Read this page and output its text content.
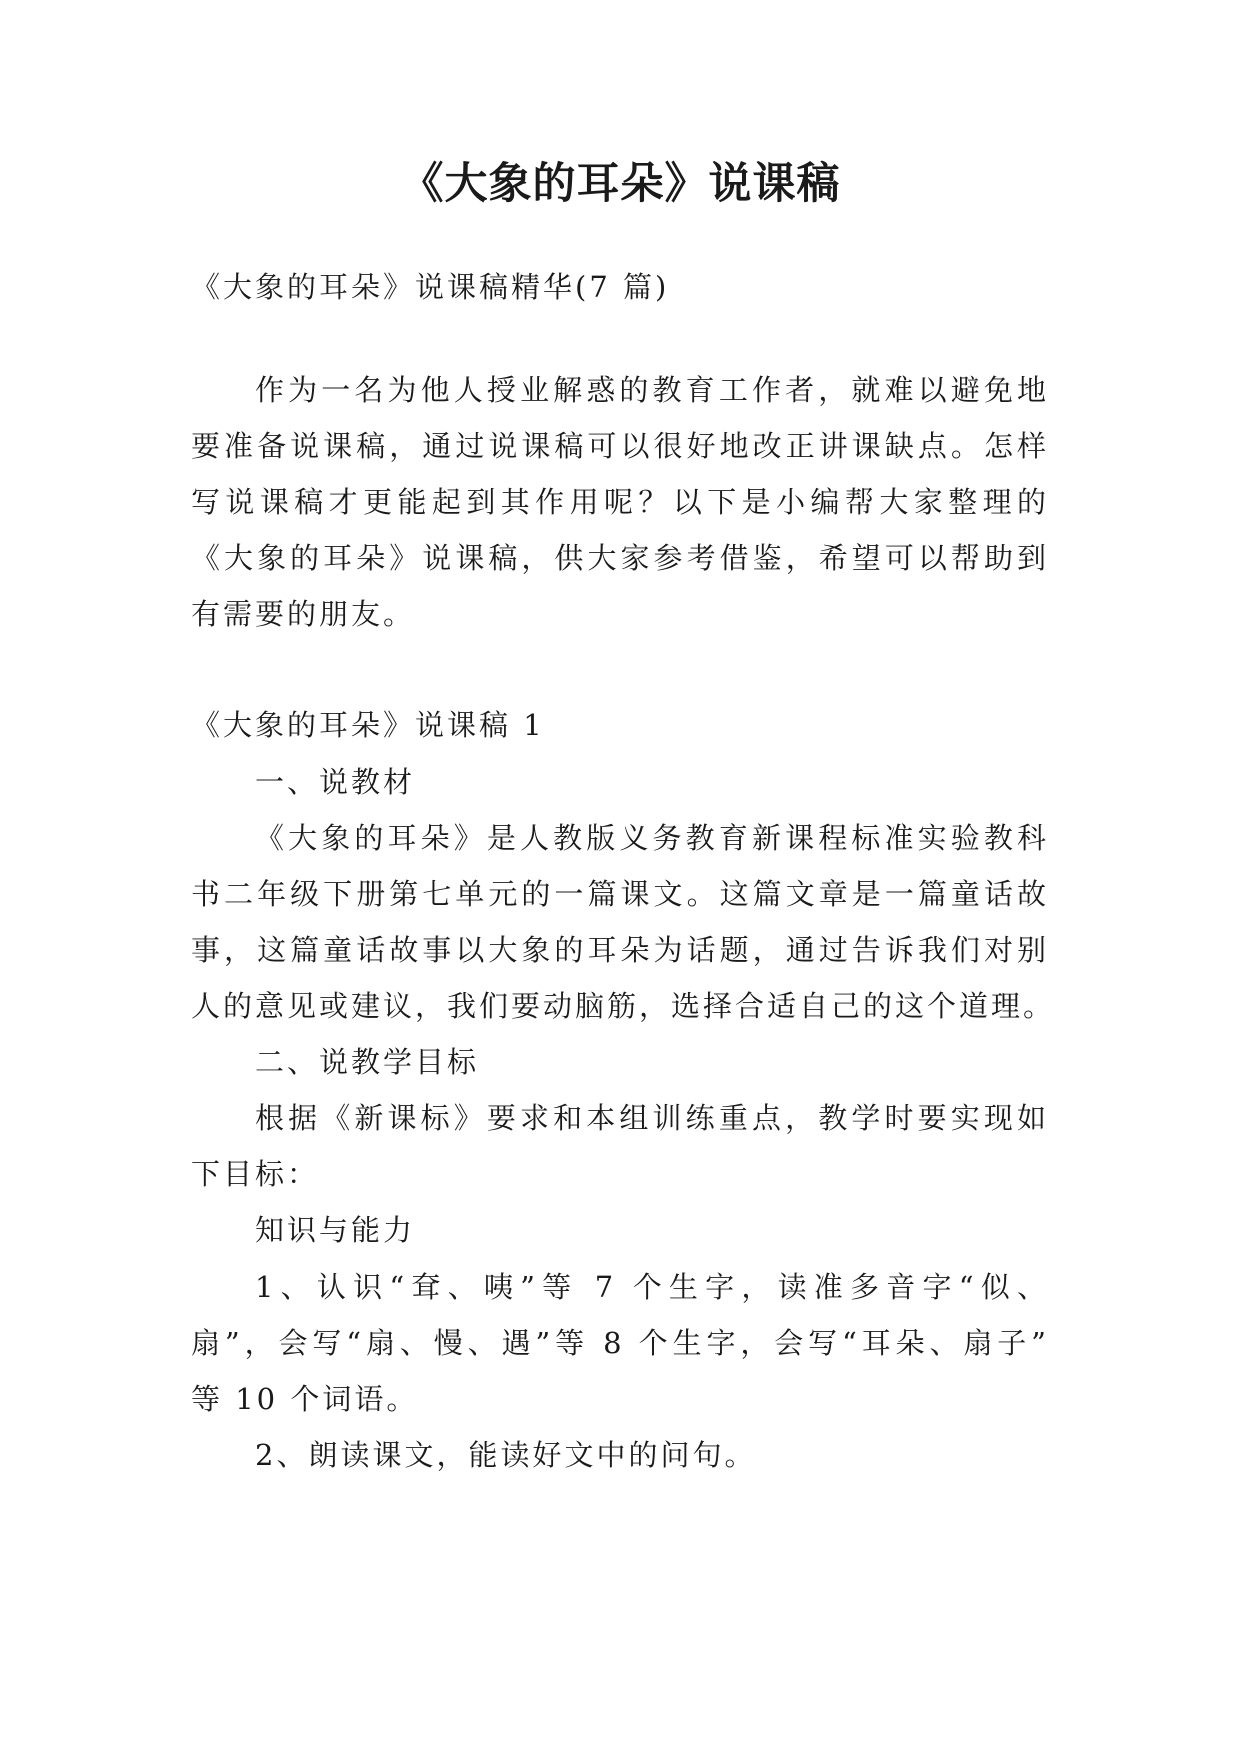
《大象的耳朵》说课稿

《大象的耳朵》说课稿精华(7 篇)

作为一名为他人授业解惑的教育工作者，就难以避免地

要准备说课稿，通过说课稿可以很好地改正讲课缺点。怎样

写说课稿才更能起到其作用呢？以下是小编帮大家整理的

《大象的耳朵》说课稿，供大家参考借鉴，希望可以帮助到

有需要的朋友。

《大象的耳朵》说课稿 1

一、说教材

《大象的耳朵》是人教版义务教育新课程标准实验教科

书二年级下册第七单元的一篇课文。这篇文章是一篇童话故

事，这篇童话故事以大象的耳朵为话题，通过告诉我们对别

人的意见或建议，我们要动脑筋，选择合适自己的这个道理。

二、说教学目标

根据《新课标》要求和本组训练重点，教学时要实现如

下目标：

知识与能力

1、认识“耷、咦”等 7 个生字，读准多音字“似、

扇”，会写“扇、慢、遇”等 8 个生字，会写“耳朵、扇子”

等 10 个词语。

2、朗读课文，能读好文中的问句。
